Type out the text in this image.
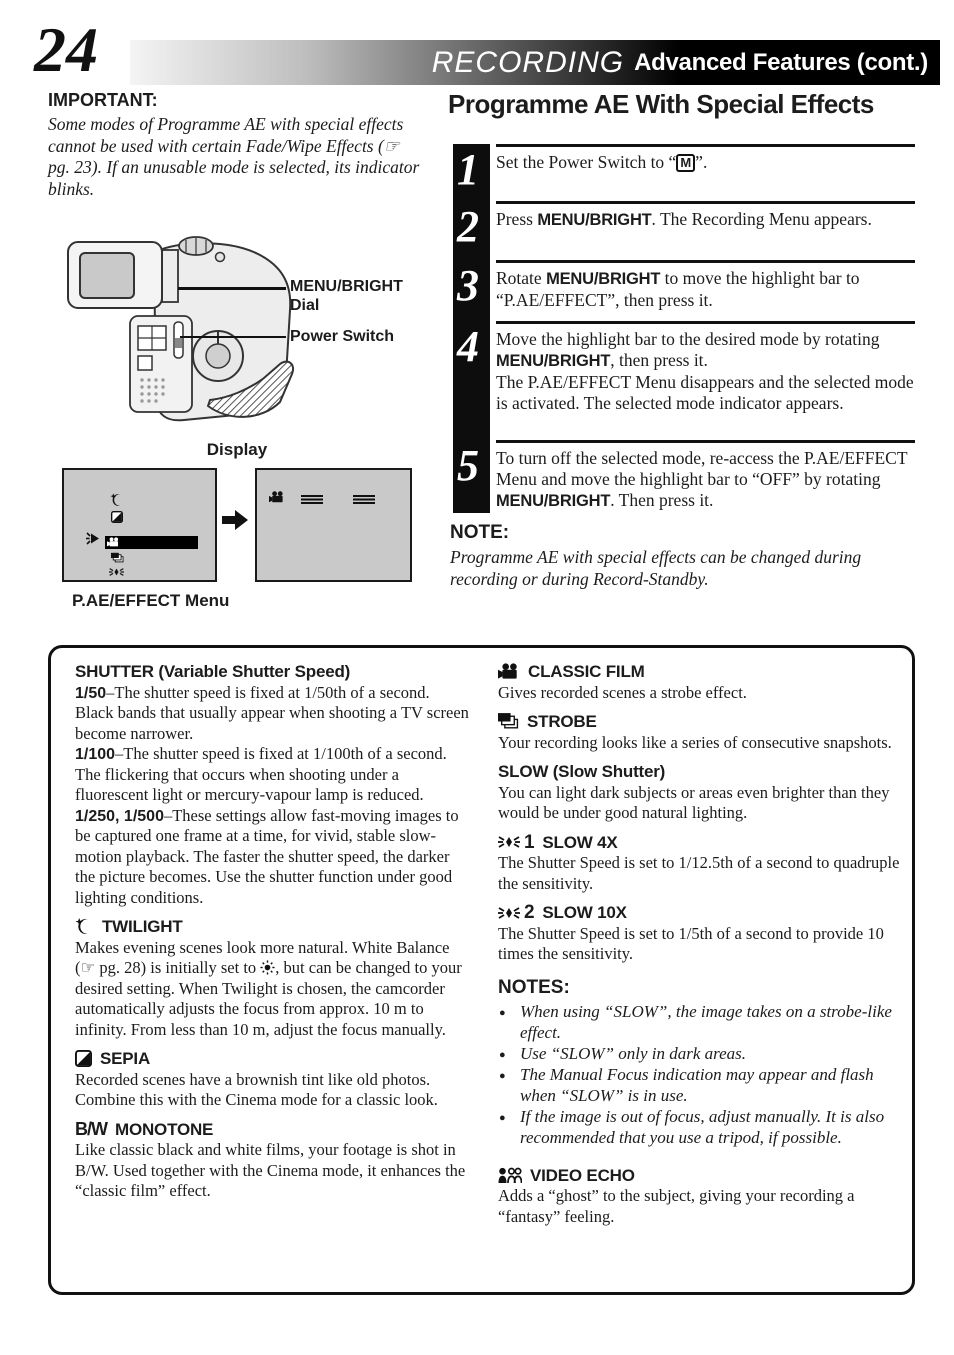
24	RECORDING Advanced Features (cont.)
IMPORTANT:
Some modes of Programme AE with special effects cannot be used with certain Fade/Wipe Effects (☞ pg. 23). If an unusable mode is selected, its indicator blinks.
MENU/BRIGHT
Dial
Power Switch
Display
P.AE/EFFECT Menu
Programme AE With Special Effects
1
2
3
4
5
Set the Power Switch to “ M ”.
Press MENU/BRIGHT. The Recording Menu appears.
Rotate MENU/BRIGHT to move the highlight bar to “P.AE/EFFECT”, then press it.
Move the highlight bar to the desired mode by rotating MENU/BRIGHT, then press it.
The P.AE/EFFECT Menu disappears and the selected mode is activated. The selected mode indicator appears.
To turn off the selected mode, re-access the P.AE/EFFECT Menu and move the highlight bar to “OFF” by rotating MENU/BRIGHT. Then press it.
NOTE:
Programme AE with special effects can be changed during recording or during Record-Standby.
SHUTTER (Variable Shutter Speed)

1/50–The shutter speed is fixed at 1/50th of a second. Black bands that usually appear when shooting a TV screen become narrower.

1/100–The shutter speed is fixed at 1/100th of a second. The flickering that occurs when shooting under a fluorescent light or mercury-vapour lamp is reduced.

1/250, 1/500–These settings allow fast-moving images to be captured one frame at a time, for vivid, stable slow-motion playback. The faster the shutter speed, the darker the picture becomes. Use the shutter function under good lighting conditions.

TWILIGHT
Makes evening scenes look more natural. White Balance (☞ pg. 28) is initially set to
, but can be changed to your desired setting. When Twilight is chosen, the camcorder automatically adjusts the focus from approx. 10 m to infinity. From less than 10 m, adjust the focus manually.
SEPIA
Recorded scenes have a brownish tint like old photos. Combine this with the Cinema mode for a classic look.
B/W MONOTONE
Like classic black and white films, your footage is shot in B/W. Used together with the Cinema mode, it enhances the “classic film” effect.
CLASSIC FILM
Gives recorded scenes a strobe effect.
STROBE
Your recording looks like a series of consecutive snapshots.
SLOW (Slow Shutter)
You can light dark subjects or areas even brighter than they would be under good natural lighting.
1 SLOW 4X
The Shutter Speed is set to 1/12.5th of a second to quadruple the sensitivity.
2 SLOW 10X
The Shutter Speed is set to 1/5th of a second to provide 10 times the sensitivity.
NOTES:
● When using “SLOW”, the image takes on a strobe-like effect.
● Use “SLOW” only in dark areas.
● The Manual Focus indication may appear and flash when “SLOW” is in use.
● If the image is out of focus, adjust manually. It is also recommended that you use a tripod, if possible.
VIDEO ECHO
Adds a “ghost” to the subject, giving your recording a “fantasy” feeling.
